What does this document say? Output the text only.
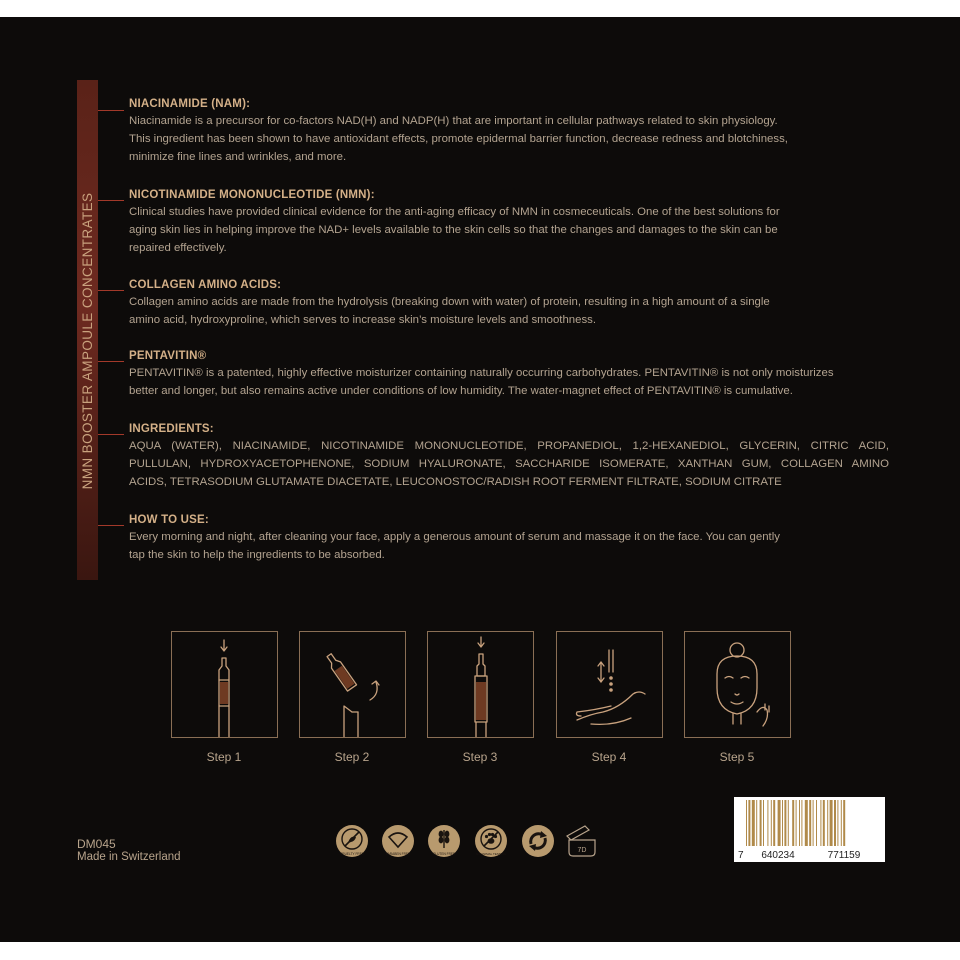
NMN BOOSTER AMPOULE CONCENTRATES
NIACINAMIDE (NAM):
Niacinamide is a precursor for co-factors NAD(H) and NADP(H) that are important in cellular pathways related to skin physiology.
This ingredient has been shown to have antioxidant effects, promote epidermal barrier function, decrease redness and blotchiness,
minimize fine lines and wrinkles, and more.
NICOTINAMIDE MONONUCLEOTIDE (NMN):
Clinical studies have provided clinical evidence for the anti-aging efficacy of NMN in cosmeceuticals. One of the best solutions for
aging skin lies in helping improve the NAD+ levels available to the skin cells so that the changes and damages to the skin can be
repaired effectively.
COLLAGEN AMINO ACIDS:
Collagen amino acids are made from the hydrolysis (breaking down with water) of protein, resulting in a high amount of a single
amino acid, hydroxyproline, which serves to increase skin’s moisture levels and smoothness.
PENTAVITIN®
PENTAVITIN® is a patented, highly effective moisturizer containing naturally occurring carbohydrates. PENTAVITIN® is not only moisturizes
better and longer, but also remains active under conditions of low humidity. The water-magnet effect of PENTAVITIN® is cumulative.
INGREDIENTS:
AQUA (WATER), NIACINAMIDE, NICOTINAMIDE MONONUCLEOTIDE, PROPANEDIOL, 1,2-HEXANEDIOL, GLYCERIN, CITRIC ACID,
PULLULAN, HYDROXYACETOPHENONE, SODIUM HYALURONATE, SACCHARIDE ISOMERATE, XANTHAN GUM, COLLAGEN AMINO
ACIDS, TETRASODIUM GLUTAMATE DIACETATE, LEUCONOSTOC/RADISH ROOT FERMENT FILTRATE, SODIUM CITRATE
HOW TO USE:
Every morning and night, after cleaning your face, apply a generous amount of serum and massage it on the face. You can gently
tap the skin to help the ingredients to be absorbed.
Step 1	Step 2	Step 3	Step 4	Step 5
DM045
Made in Switzerland	CRUELTY FREE	PARABEN FREE	GLUTEN FREE	NO ANIMAL TESTING	7D	7 640234	771159
